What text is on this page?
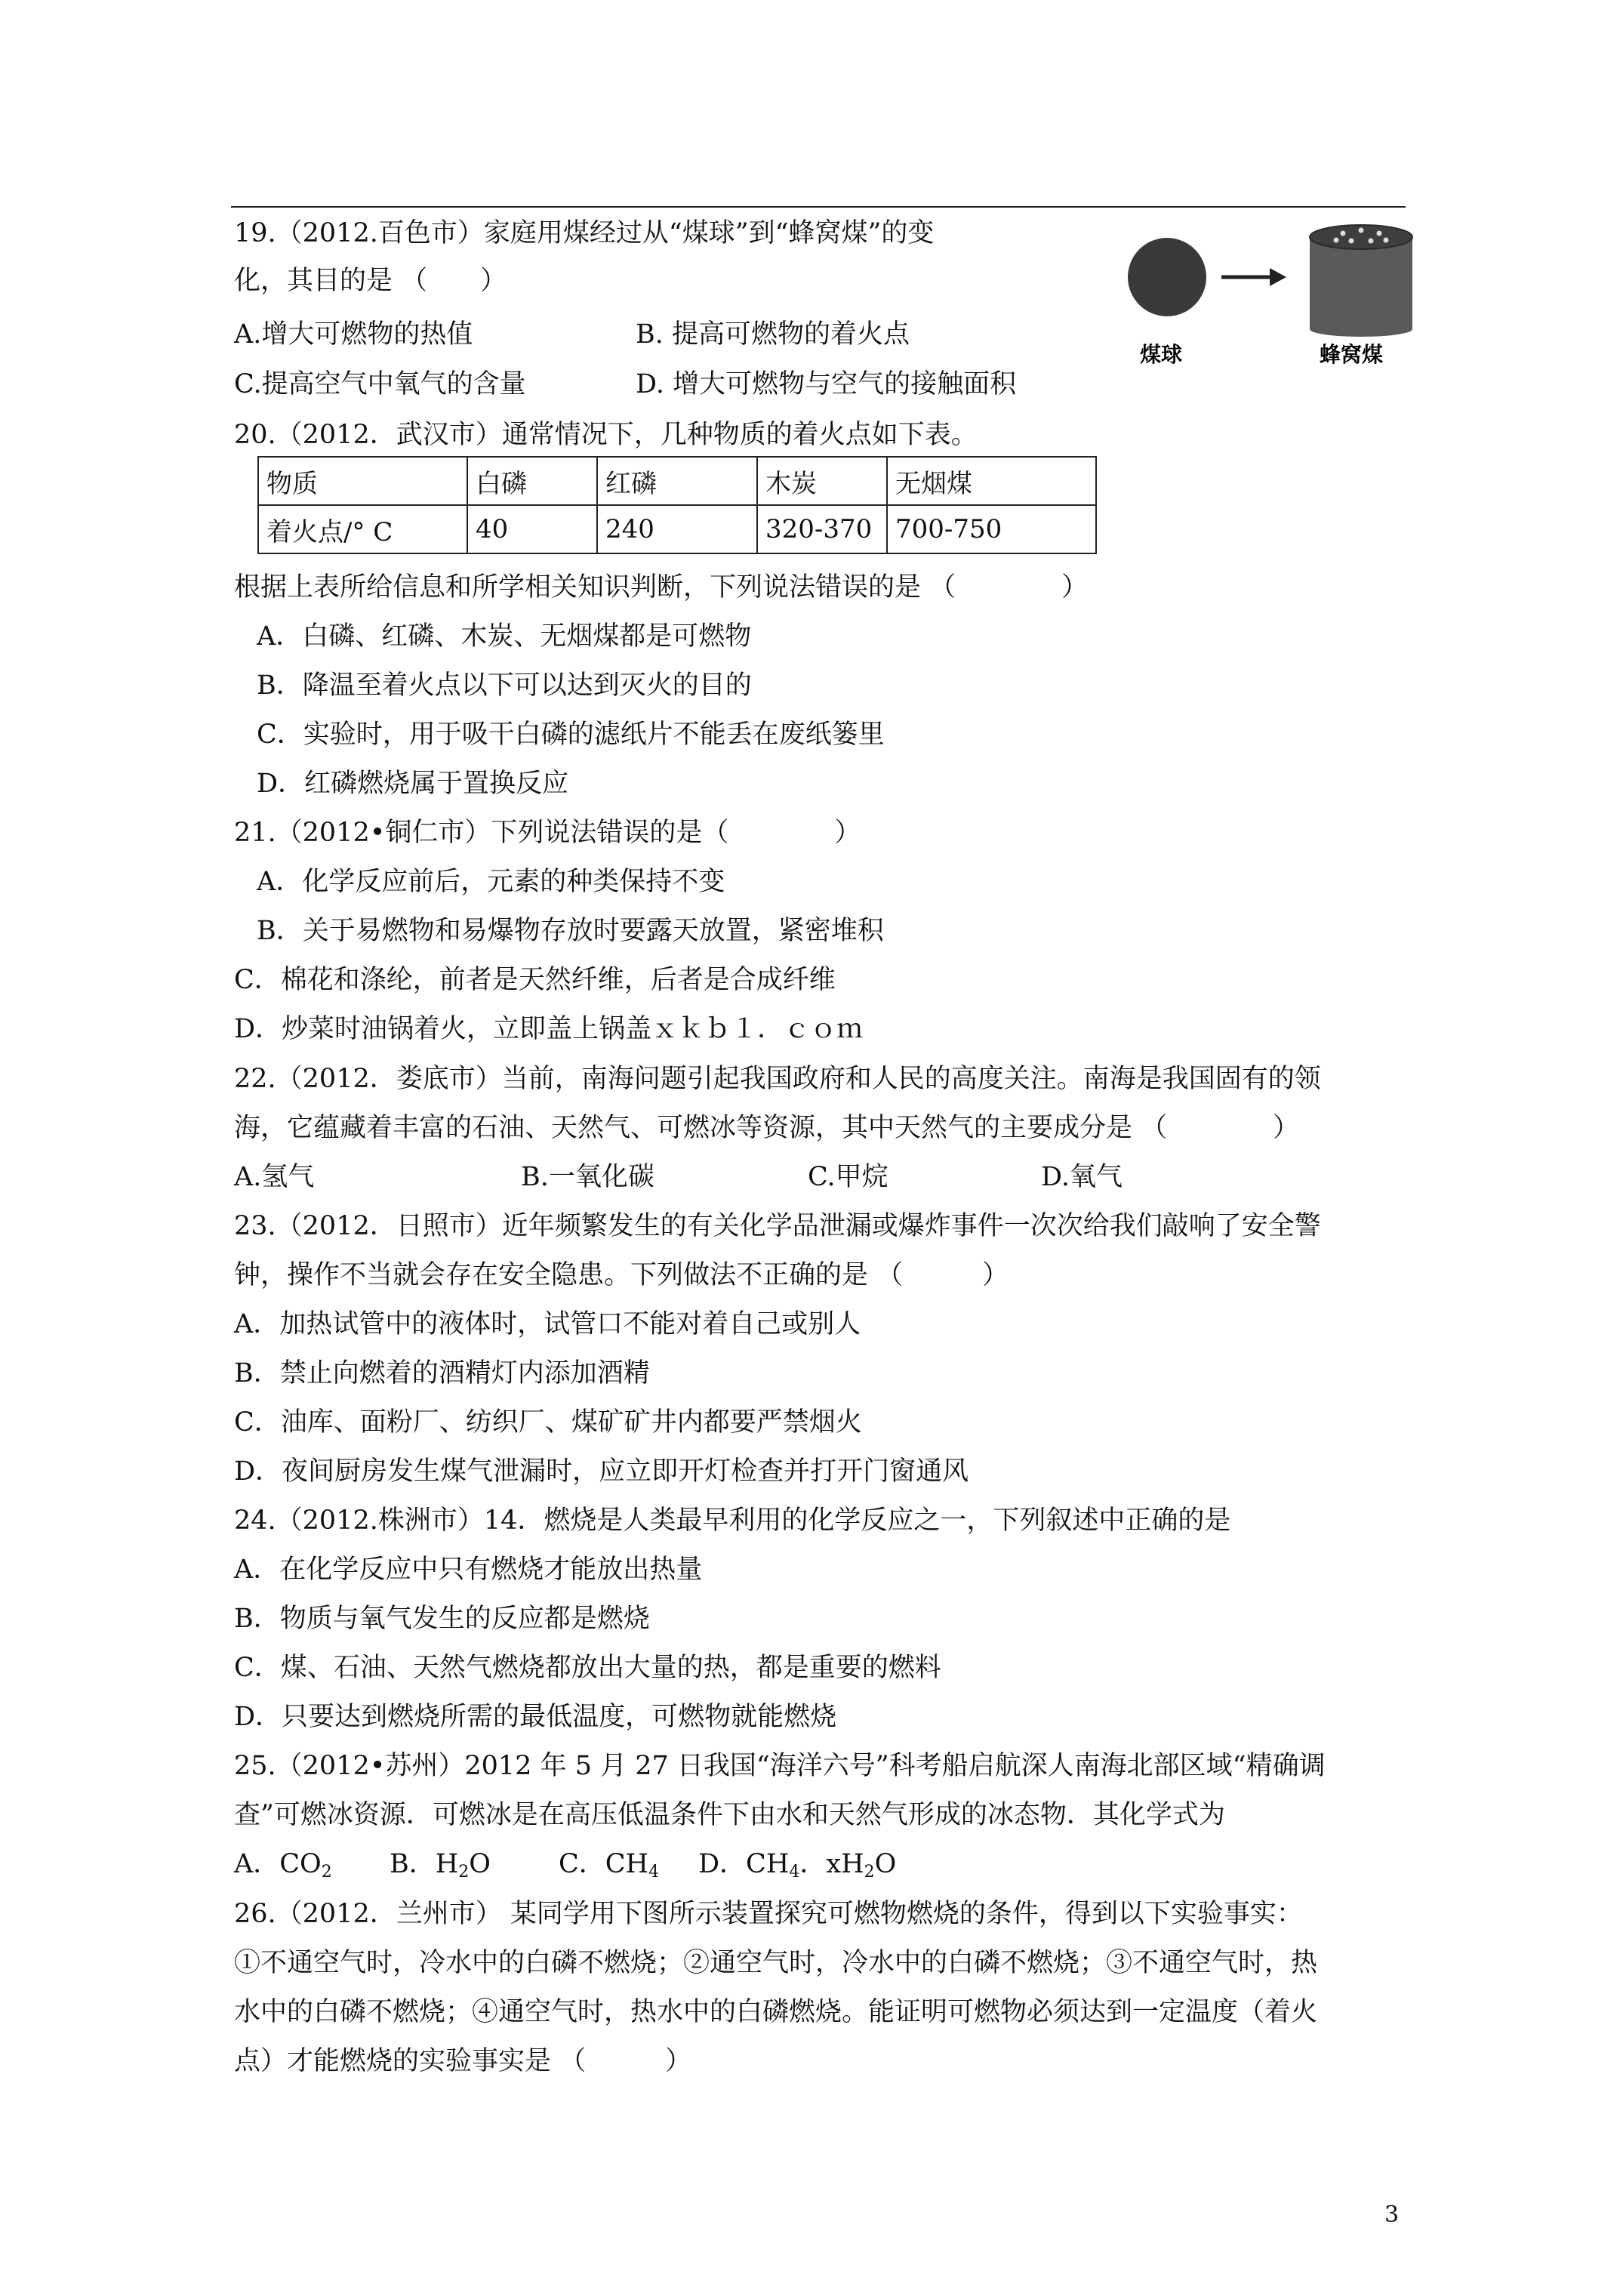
19.（2012.百色市）家庭用煤经过从“煤球”到“蜂窝煤”的变
化，其目的是 （　　）
A.增大可燃物的热值	B. 提高可燃物的着火点
C.提高空气中氧气的含量	D. 增大可燃物与空气的接触面积
煤球	蜂窝煤
20.（2012．武汉市）通常情况下，几种物质的着火点如下表。
物质	白磷	红磷	木炭	无烟煤
着火点/° C	40	240	320-370	700-750
根据上表所给信息和所学相关知识判断，下列说法错误的是 （　　　　）
A．白磷、红磷、木炭、无烟煤都是可燃物
B．降温至着火点以下可以达到灭火的目的
C．实验时，用于吸干白磷的滤纸片不能丢在废纸篓里
D．红磷燃烧属于置换反应
21.（2012•铜仁市）下列说法错误的是（　　　　）
A．化学反应前后，元素的种类保持不变
B．关于易燃物和易爆物存放时要露天放置，紧密堆积
C．棉花和涤纶，前者是天然纤维，后者是合成纤维
D．炒菜时油锅着火，立即盖上锅盖ｘｋｂ１．ｃｏｍ
22.（2012．娄底市）当前，南海问题引起我国政府和人民的高度关注。南海是我国固有的领
海，它蕴藏着丰富的石油、天然气、可燃冰等资源，其中天然气的主要成分是 （　　　　）
A.氢气	B.一氧化碳	C.甲烷	D.氧气
23.（2012．日照市）近年频繁发生的有关化学品泄漏或爆炸事件一次次给我们敲响了安全警
钟，操作不当就会存在安全隐患。下列做法不正确的是 （　　　）
A．加热试管中的液体时，试管口不能对着自己或别人
B．禁止向燃着的酒精灯内添加酒精
C．油库、面粉厂、纺织厂、煤矿矿井内都要严禁烟火
D．夜间厨房发生煤气泄漏时，应立即开灯检查并打开门窗通风
24.（2012.株洲市）14．燃烧是人类最早利用的化学反应之一，下列叙述中正确的是
A．在化学反应中只有燃烧才能放出热量
B．物质与氧气发生的反应都是燃烧
C．煤、石油、天然气燃烧都放出大量的热，都是重要的燃料
D．只要达到燃烧所需的最低温度，可燃物就能燃烧
25.（2012•苏州）2012 年 5 月 27 日我国“海洋六号”科考船启航深人南海北部区域“精确调
查”可燃冰资源．可燃冰是在高压低温条件下由水和天然气形成的冰态物．其化学式为
A．$CO_2$ B．$H_2O$	C．$CH_4$ D．$CH_4$．$xH_2O$
26.（2012．兰州市） 某同学用下图所示装置探究可燃物燃烧的条件，得到以下实验事实：
①不通空气时，冷水中的白磷不燃烧；②通空气时，冷水中的白磷不燃烧；③不通空气时，热
水中的白磷不燃烧；④通空气时，热水中的白磷燃烧。能证明可燃物必须达到一定温度（着火
点）才能燃烧的实验事实是 （　　　）
3
